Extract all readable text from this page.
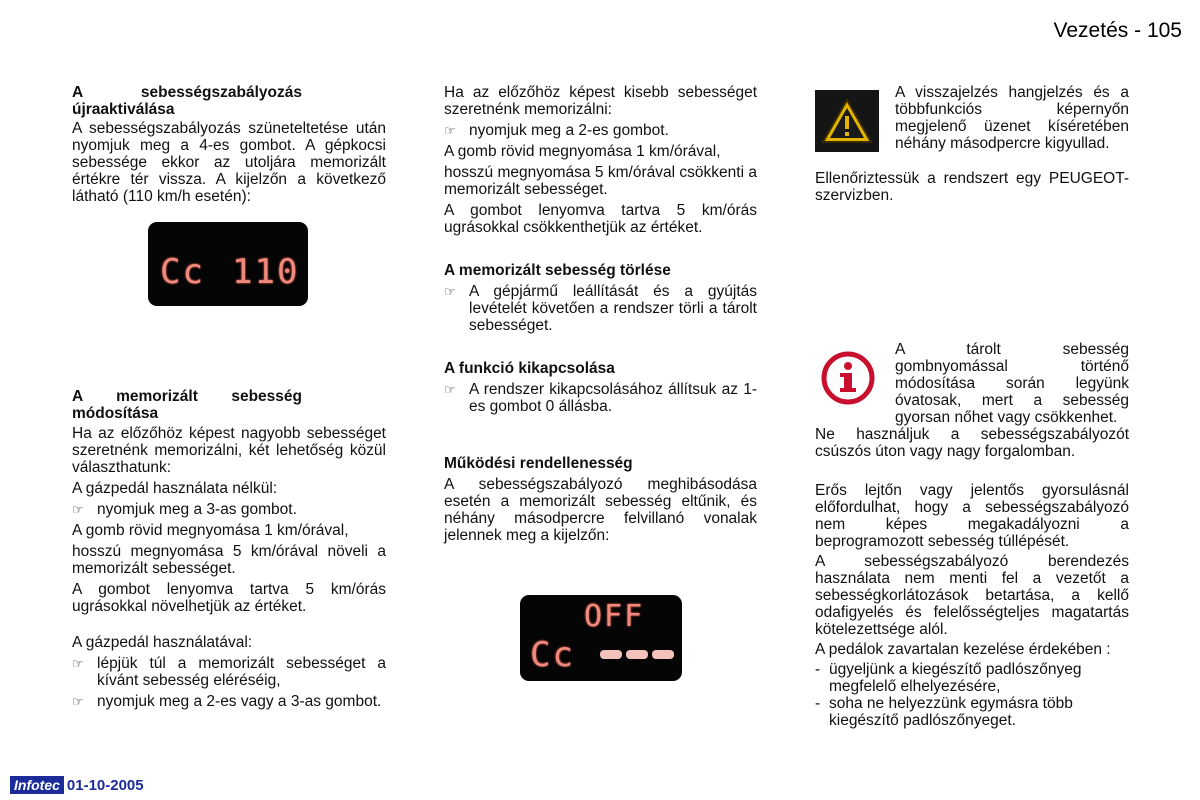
Vezetés - 105

A sebességszabályozás újraaktiválása

A sebességszabályozás szüneteltetése után nyomjuk meg a 4-es gombot. A gépkocsi sebessége ekkor az utoljára memorizált értékre tér vissza. A kijelzőn a következő látható (110 km/h esetén):

A memorizált sebesség módosítása

Ha az előzőhöz képest nagyobb sebességet szeretnénk memorizálni, két lehetőség közül választhatunk:

A gázpedál használata nélkül:

☞ nyomjuk meg a 3-as gombot.

A gomb rövid megnyomása 1 km/órával,

hosszú megnyomása 5 km/órával növeli a memorizált sebességet.

A gombot lenyomva tartva 5 km/órás ugrásokkal növelhetjük az értéket.

A gázpedál használatával:

☞ lépjük túl a memorizált sebességet a kívánt sebesség eléréséig,
☞ nyomjuk meg a 2-es vagy a 3-as gombot.
Cc 110

Ha az előzőhöz képest kisebb sebességet szeretnénk memorizálni:

☞ nyomjuk meg a 2-es gombot.

A gomb rövid megnyomása 1 km/órával,

hosszú megnyomása 5 km/órával csökkenti a memorizált sebességet.

A gombot lenyomva tartva 5 km/órás ugrásokkal csökkenthetjük az értéket.

A memorizált sebesség törlése

☞ A gépjármű leállítását és a gyújtás levételét követően a rendszer törli a tárolt sebességet.

A funkció kikapcsolása

☞ A rendszer kikapcsolásához állítsuk az 1-es gombot 0 állásba.

Működési rendellenesség

A sebességszabályozó meghibásodása esetén a memorizált sebesség eltűnik, és néhány másodpercre felvillanó vonalak jelennek meg a kijelzőn:

OFF
Cc

A visszajelzés hangjelzés és a többfunkciós képernyőn megjelenő üzenet kíséretében néhány másodpercre kigyullad.

Ellenőriztessük a rendszert egy PEUGEOT-szervizben.

A tárolt sebesség gombnyomással történő módosítása során legyünk óvatosak, mert a sebesség gyorsan nőhet vagy csökkenhet.

Ne használjuk a sebességszabályozót csúszós úton vagy nagy forgalomban.

Erős lejtőn vagy jelentős gyorsulásnál előfordulhat, hogy a sebességszabályozó nem képes megakadályozni a beprogramozott sebesség túllépését.

A sebességszabályozó berendezés használata nem menti fel a vezetőt a sebességkorlátozások betartása, a kellő odafigyelés és felelősségteljes magatartás kötelezettsége alól.

A pedálok zavartalan kezelése érdekében :

- ügyeljünk a kiegészítő padlószőnyeg megfelelő elhelyezésére,
- soha ne helyezzünk egymásra több kiegészítő padlószőnyeget.
Infotec 01-10-2005
